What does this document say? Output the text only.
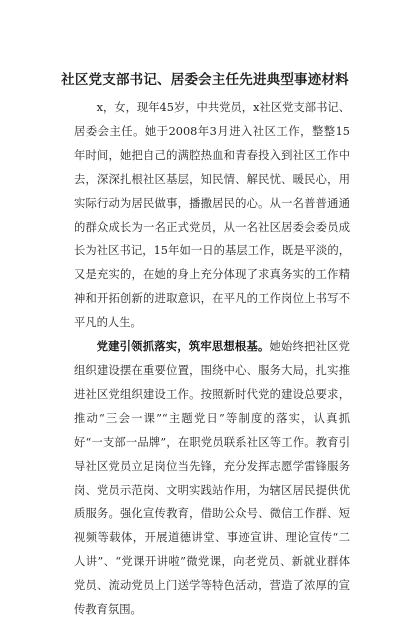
社区党支部书记、居委会主任先进典型事迹材料

x，女，现年45岁，中共党员，x社区党支部书记、居委会主任。她于2008年3月进入社区工作，整整15年时间，她把自己的满腔热血和青春投入到社区工作中去，深深扎根社区基层，知民情、解民忧、暖民心，用实际行动为居民做事，播撒居民的心。从一名普普通通的群众成长为一名正式党员，从一名社区居委会委员成长为社区书记，15年如一日的基层工作，既是平淡的，又是充实的，在她的身上充分体现了求真务实的工作精神和开拓创新的进取意识，在平凡的工作岗位上书写不平凡的人生。

党建引领抓落实，筑牢思想根基。她始终把社区党组织建设摆在重要位置，围绕中心、服务大局，扎实推进社区党组织建设工作。按照新时代党的建设总要求，推动“三会一课”“主题党日”等制度的落实，认真抓好“一支部一品牌”，在职党员联系社区等工作。教育引导社区党员立足岗位当先锋，充分发挥志愿学雷锋服务岗、党员示范岗、文明实践站作用，为辖区居民提供优质服务。强化宣传教育，借助公众号、微信工作群、短视频等载体，开展道德讲堂、事迹宣讲、理论宣传“二人讲”、“党课开讲啦”微党课，向老党员、新就业群体党员、流动党员上门送学等特色活动，营造了浓厚的宣传教育氛围。
